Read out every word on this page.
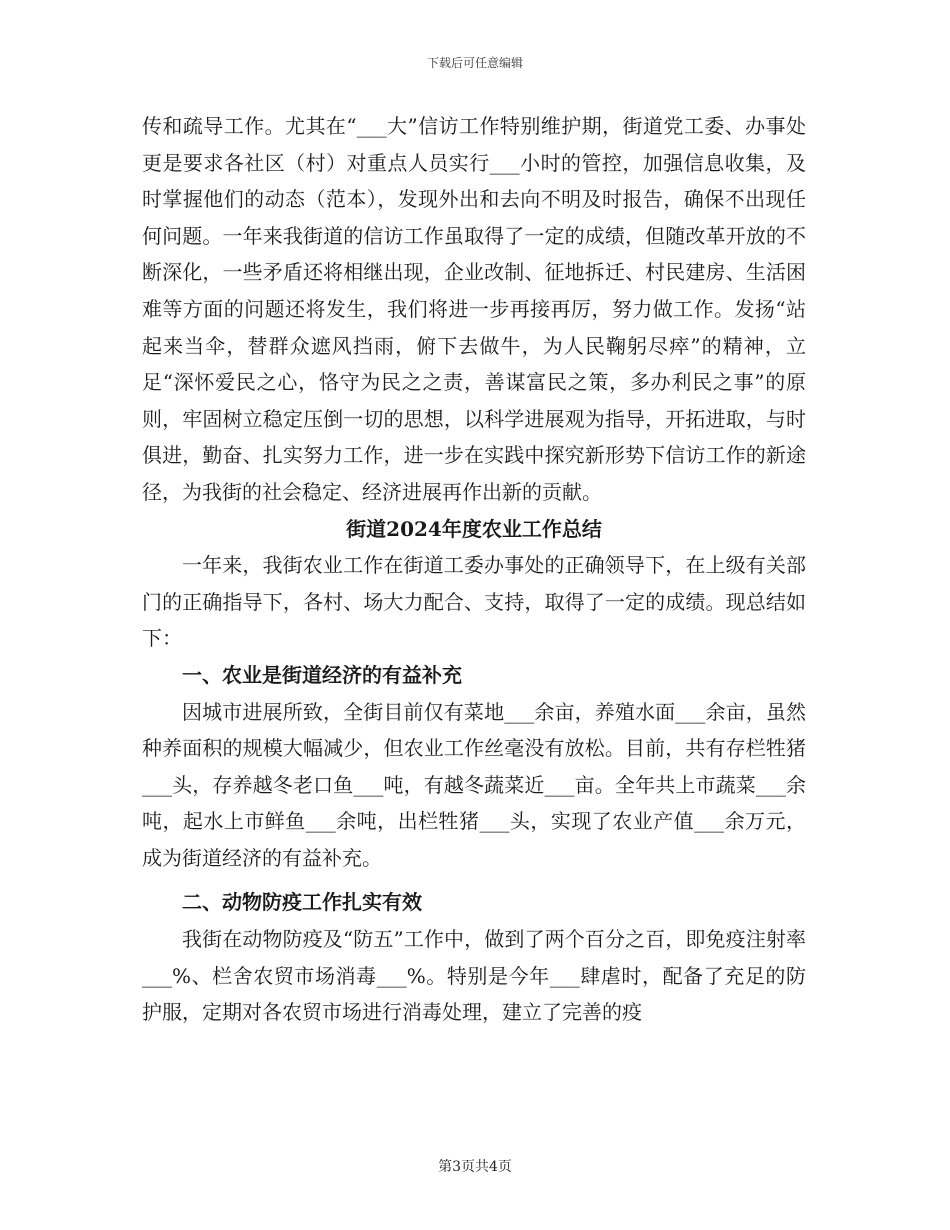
下载后可任意编辑

传和疏导工作。尤其在“___大”信访工作特别维护期，街道党工委、办事处更是要求各社区（村）对重点人员实行___小时的管控，加强信息收集，及时掌握他们的动态（范本），发现外出和去向不明及时报告，确保不出现任何问题。一年来我街道的信访工作虽取得了一定的成绩，但随改革开放的不断深化，一些矛盾还将相继出现，企业改制、征地拆迁、村民建房、生活困难等方面的问题还将发生，我们将进一步再接再厉，努力做工作。发扬“站起来当伞，替群众遮风挡雨，俯下去做牛，为人民鞠躬尽瘁”的精神，立足“深怀爱民之心，恪守为民之之责，善谋富民之策，多办利民之事”的原则，牢固树立稳定压倒一切的思想，以科学进展观为指导，开拓进取，与时俱进，勤奋、扎实努力工作，进一步在实践中探究新形势下信访工作的新途径，为我街的社会稳定、经济进展再作出新的贡献。

街道2024年度农业工作总结

一年来，我街农业工作在街道工委办事处的正确领导下，在上级有关部门的正确指导下，各村、场大力配合、支持，取得了一定的成绩。现总结如下：

一、农业是街道经济的有益补充

因城市进展所致，全街目前仅有菜地___余亩，养殖水面___余亩，虽然种养面积的规模大幅减少，但农业工作丝毫没有放松。目前，共有存栏牲猪___头，存养越冬老口鱼___吨，有越冬蔬菜近___亩。全年共上市蔬菜___余吨，起水上市鲜鱼___余吨，出栏牲猪___头，实现了农业产值___余万元，成为街道经济的有益补充。

二、动物防疫工作扎实有效

我街在动物防疫及“防五”工作中，做到了两个百分之百，即免疫注射率___%、栏舍农贸市场消毒___%。特别是今年___肆虐时，配备了充足的防护服，定期对各农贸市场进行消毒处理，建立了完善的疫

第3页共4页
